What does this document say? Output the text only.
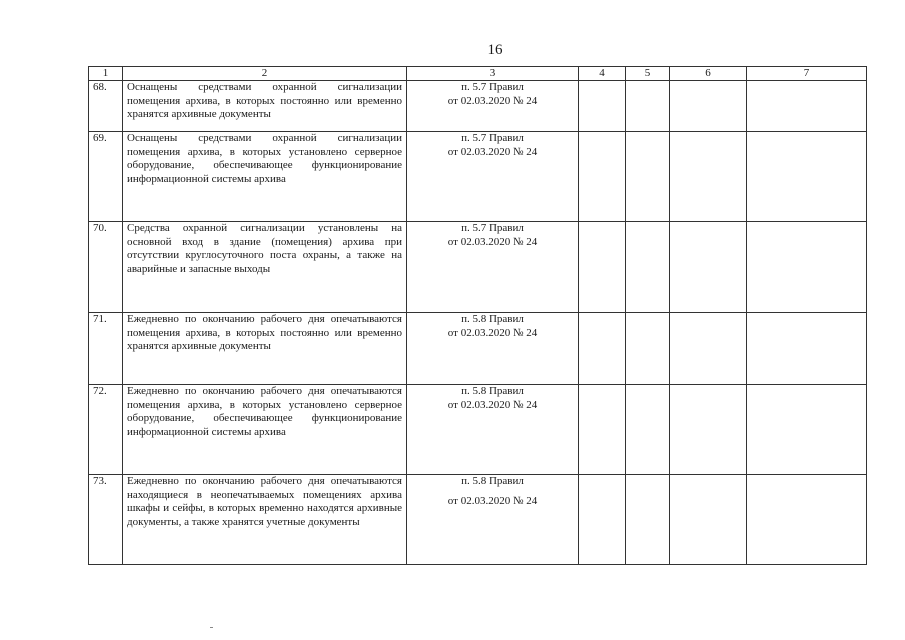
16
1	2	3	4	5	6	7
68.	Оснащены средствами охранной сигнализации помещения архива, в которых постоянно или временно хранятся архивные документы	п. 5.7 Правил
от 02.03.2020 № 24				

69.	Оснащены средствами охранной сигнализации помещения архива, в которых установлено серверное оборудование, обеспечивающее функционирование информационной системы архива	п. 5.7 Правил
от 02.03.2020 № 24				

70.	Средства охранной сигнализации установлены на основной вход в здание (помещения) архива при отсутствии круглосуточного поста охраны, а также на аварийные и запасные выходы	п. 5.7 Правил
от 02.03.2020 № 24				

71.	Ежедневно по окончанию рабочего дня опечатываются помещения архива, в которых постоянно или временно хранятся архивные документы	п. 5.8 Правил
от 02.03.2020 № 24				

72.	Ежедневно по окончанию рабочего дня опечатываются помещения архива, в которых установлено серверное оборудование, обеспечивающее функционирование информационной системы архива	п. 5.8 Правил
от 02.03.2020 № 24				

73.	Ежедневно по окончанию рабочего дня опечатываются находящиеся в неопечатываемых помещениях архива шкафы и сейфы, в которых временно находятся архивные документы, а также хранятся учетные документы	п. 5.8 Правил
от 02.03.2020 № 24				
